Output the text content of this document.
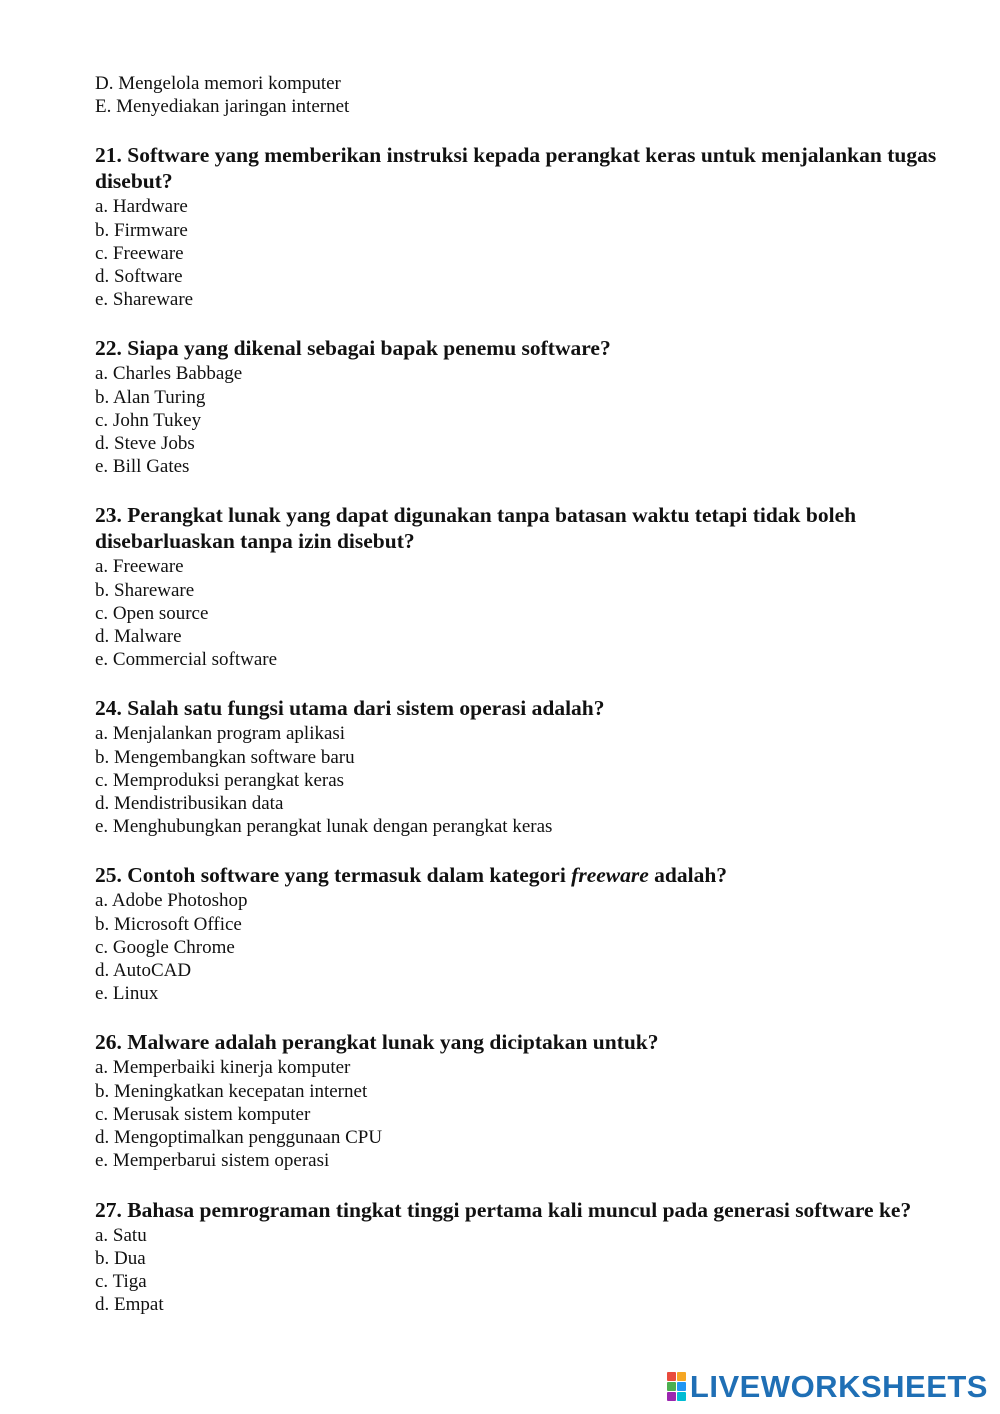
D. Mengelola memori komputer

E. Menyediakan jaringan internet

21. Software yang memberikan instruksi kepada perangkat keras untuk menjalankan tugas disebut?

a. Hardware

b. Firmware

c. Freeware

d. Software

e. Shareware

22. Siapa yang dikenal sebagai bapak penemu software?

a. Charles Babbage

b. Alan Turing

c. John Tukey

d. Steve Jobs

e. Bill Gates

23. Perangkat lunak yang dapat digunakan tanpa batasan waktu tetapi tidak boleh disebarluaskan tanpa izin disebut?

a. Freeware

b. Shareware

c. Open source

d. Malware

e. Commercial software

24. Salah satu fungsi utama dari sistem operasi adalah?

a. Menjalankan program aplikasi

b. Mengembangkan software baru

c. Memproduksi perangkat keras

d. Mendistribusikan data

e. Menghubungkan perangkat lunak dengan perangkat keras

25. Contoh software yang termasuk dalam kategori freeware adalah?

a. Adobe Photoshop

b. Microsoft Office

c. Google Chrome

d. AutoCAD

e. Linux

26. Malware adalah perangkat lunak yang diciptakan untuk?

a. Memperbaiki kinerja komputer

b. Meningkatkan kecepatan internet

c. Merusak sistem komputer

d. Mengoptimalkan penggunaan CPU

e. Memperbarui sistem operasi

27. Bahasa pemrograman tingkat tinggi pertama kali muncul pada generasi software ke?

a. Satu

b. Dua

c. Tiga

d. Empat

LIVEWORKSHEETS
